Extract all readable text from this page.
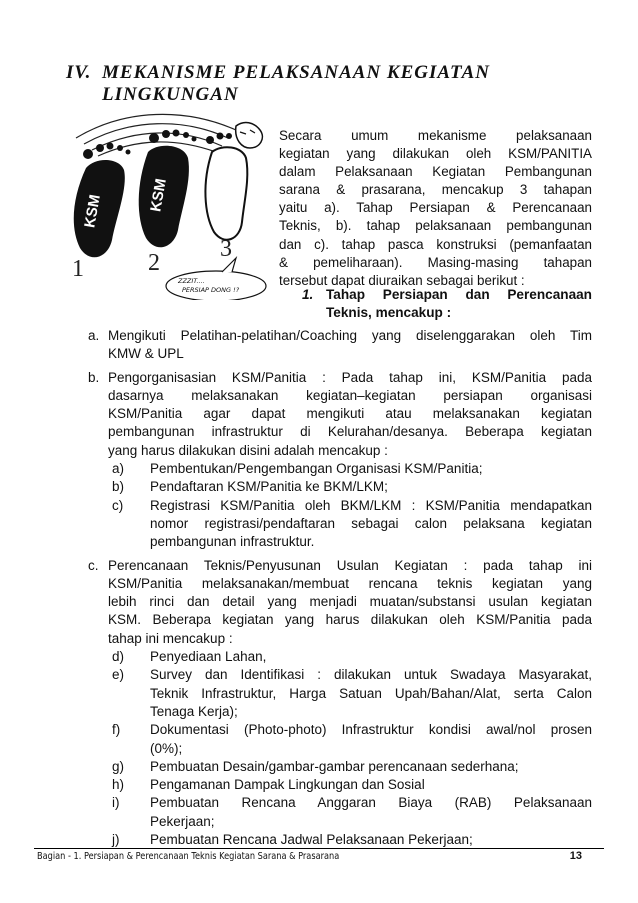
IV. MEKANISME PELAKSANAAN KEGIATAN
LINGKUNGAN
KSM	KSM
1	2
3
ZZZIT....
PERSIAP DONG !?
Secara umum mekanisme pelaksanaan
kegiatan yang dilakukan oleh KSM/PANITIA
dalam Pelaksanaan Kegiatan Pembangunan
sarana & prasarana, mencakup 3 tahapan
yaitu a). Tahap Persiapan & Perencanaan
Teknis, b). tahap pelaksanaan pembangunan
dan c). tahap pasca konstruksi (pemanfaatan
& pemeliharaan). Masing-masing tahapan
tersebut dapat diuraikan sebagai berikut :
1. Tahap Persiapan dan Perencanaan
Teknis, mencakup :
a. Mengikuti Pelatihan-pelatihan/Coaching yang diselenggarakan oleh Tim
KMW & UPL
b. Pengorganisasian KSM/Panitia : Pada tahap ini, KSM/Panitia pada
dasarnya melaksanakan kegiatan–kegiatan persiapan organisasi
KSM/Panitia agar dapat mengikuti atau melaksanakan kegiatan
pembangunan infrastruktur di Kelurahan/desanya. Beberapa kegiatan
yang harus dilakukan disini adalah mencakup :
a) Pembentukan/Pengembangan Organisasi KSM/Panitia;
b) Pendaftaran KSM/Panitia ke BKM/LKM;
c) Registrasi KSM/Panitia oleh BKM/LKM : KSM/Panitia mendapatkan
nomor registrasi/pendaftaran sebagai calon pelaksana kegiatan
pembangunan infrastruktur.
c. Perencanaan Teknis/Penyusunan Usulan Kegiatan : pada tahap ini
KSM/Panitia melaksanakan/membuat rencana teknis kegiatan yang
lebih rinci dan detail yang menjadi muatan/substansi usulan kegiatan
KSM. Beberapa kegiatan yang harus dilakukan oleh KSM/Panitia pada
tahap ini mencakup :
d) Penyediaan Lahan,
e) Survey dan Identifikasi : dilakukan untuk Swadaya Masyarakat,
Teknik Infrastruktur, Harga Satuan Upah/Bahan/Alat, serta Calon
Tenaga Kerja);
f) Dokumentasi (Photo-photo) Infrastruktur kondisi awal/nol prosen
(0%);
g) Pembuatan Desain/gambar-gambar perencanaan sederhana;
h) Pengamanan Dampak Lingkungan dan Sosial
i) Pembuatan Rencana Anggaran Biaya (RAB) Pelaksanaan
Pekerjaan;
j) Pembuatan Rencana Jadwal Pelaksanaan Pekerjaan;
Bagian - 1. Persiapan & Perencanaan Teknis Kegiatan Sarana & Prasarana	13
